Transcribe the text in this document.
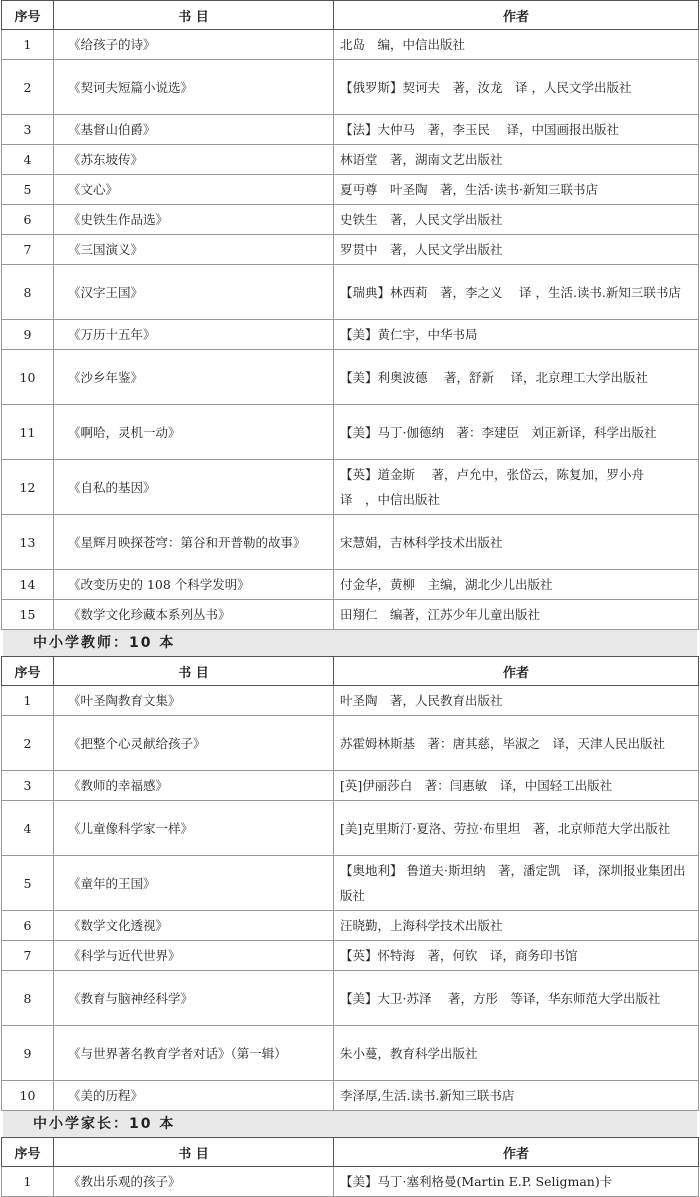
序号	书 目	作者
1	《给孩子的诗》	北岛　编，中信出版社
2	《契诃夫短篇小说选》	【俄罗斯】契诃夫　著，汝龙　译 ，人民文学出版社
3	《基督山伯爵》	【法】大仲马　著，李玉民　 译，中国画报出版社
4	《苏东坡传》	林语堂　著，湖南文艺出版社
5	《文心》	夏丏尊　叶圣陶　著，生活·读书·新知三联书店
6	《史铁生作品选》	史铁生　著，人民文学出版社
7	《三国演义》	罗贯中　著，人民文学出版社
8	《汉字王国》	【瑞典】林西莉　著，李之义　 译 ，生活.读书.新知三联书店
9	《万历十五年》	【美】黄仁宇，中华书局
10	《沙乡年鉴》	【美】利奥波德　 著，舒新　 译，北京理工大学出版社
11	《啊哈，灵机一动》	【美】马丁·伽德纳　著：李建臣　刘正新译，科学出版社
12	《自私的基因》	【英】道金斯　 著，卢允中，张岱云，陈复加，罗小舟　 译　，中信出版社
13	《星辉月映探苍穹：第谷和开普勒的故事》	宋慧娟，吉林科学技术出版社
14	《改变历史的 108 个科学发明》	付金华，黄柳　主编，湖北少儿出版社
15	《数学文化珍藏本系列丛书》	田翔仁　编著，江苏少年儿童出版社
中小学教师：10 本
序号	书 目	作者
1	《叶圣陶教育文集》	叶圣陶　著，人民教育出版社
2	《把整个心灵献给孩子》	苏霍姆林斯基　著：唐其慈，毕淑之　译，天津人民出版社
3	《教师的幸福感》	[英]伊丽莎白　著：闫惠敏　译，中国轻工出版社
4	《儿童像科学家一样》	[美]克里斯汀·夏洛、劳拉·布里坦　著，北京师范大学出版社
5	《童年的王国》	【奥地利】 鲁道夫·斯坦纳　著，潘定凯　译，深圳报业集团出版社
6	《数学文化透视》	汪晓勤，上海科学技术出版社
7	《科学与近代世界》	【英】怀特海　著，何钦　译，商务印书馆
8	《教育与脑神经科学》	【美】大卫·苏泽　 著，方彤　等译，华东师范大学出版社
9	《与世界著名教育学者对话》（第一辑）	朱小蔓，教育科学出版社
10	《美的历程》	李泽厚,生活.读书.新知三联书店
中小学家长：10 本
序号	书 目	作者
1	《教出乐观的孩子》	【美】马丁·塞利格曼(Martin E.P. Seligman)卡
